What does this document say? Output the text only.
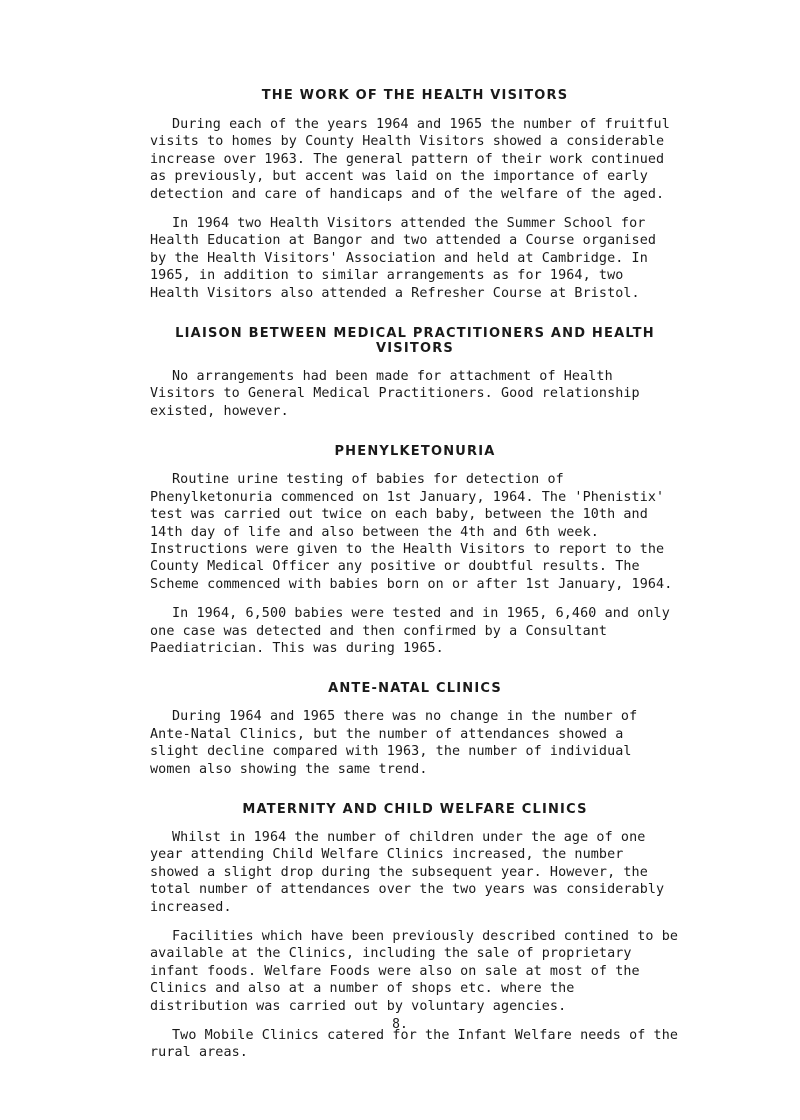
THE WORK OF THE HEALTH VISITORS

During each of the years 1964 and 1965 the number of fruitful visits to homes by County Health Visitors showed a considerable increase over 1963. The general pattern of their work continued as previously, but accent was laid on the importance of early detection and care of handicaps and of the welfare of the aged.

In 1964 two Health Visitors attended the Summer School for Health Education at Bangor and two attended a Course organised by the Health Visitors' Association and held at Cambridge. In 1965, in addition to similar arrangements as for 1964, two Health Visitors also attended a Refresher Course at Bristol.

LIAISON BETWEEN MEDICAL PRACTITIONERS AND HEALTH VISITORS

No arrangements had been made for attachment of Health Visitors to General Medical Practitioners. Good relationship existed, however.

PHENYLKETONURIA

Routine urine testing of babies for detection of Phenylketonuria commenced on 1st January, 1964. The 'Phenistix' test was carried out twice on each baby, between the 10th and 14th day of life and also between the 4th and 6th week. Instructions were given to the Health Visitors to report to the County Medical Officer any positive or doubtful results. The Scheme commenced with babies born on or after 1st January, 1964.

In 1964, 6,500 babies were tested and in 1965, 6,460 and only one case was detected and then confirmed by a Consultant Paediatrician. This was during 1965.

ANTE-NATAL CLINICS

During 1964 and 1965 there was no change in the number of Ante-Natal Clinics, but the number of attendances showed a slight decline compared with 1963, the number of individual women also showing the same trend.

MATERNITY AND CHILD WELFARE CLINICS

Whilst in 1964 the number of children under the age of one year attending Child Welfare Clinics increased, the number showed a slight drop during the subsequent year. However, the total number of attendances over the two years was considerably increased.

Facilities which have been previously described contined to be available at the Clinics, including the sale of proprietary infant foods. Welfare Foods were also on sale at most of the Clinics and also at a number of shops etc. where the distribution was carried out by voluntary agencies.

Two Mobile Clinics catered for the Infant Welfare needs of the rural areas.

8.
